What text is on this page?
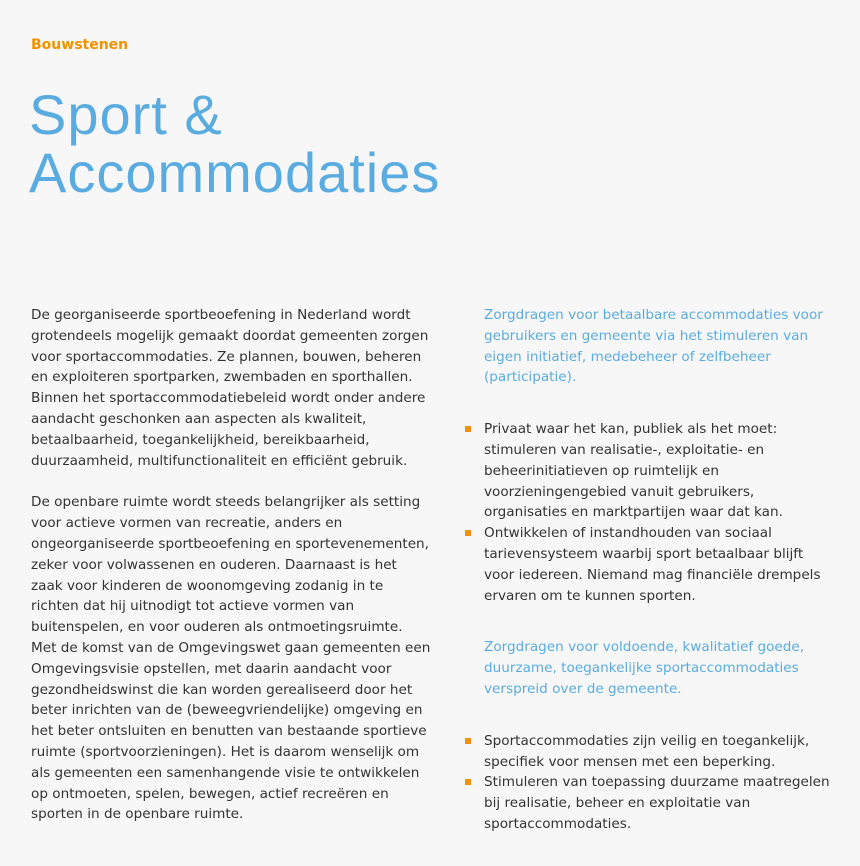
Bouwstenen
Sport &
Accommodaties

De georganiseerde sportbeoefening in Nederland wordt grotendeels mogelijk gemaakt doordat gemeenten zorgen voor sportaccommodaties. Ze plannen, bouwen, beheren en exploiteren sportparken, zwembaden en sporthallen. Binnen het sportaccommodatiebeleid wordt onder andere aandacht geschonken aan aspecten als kwaliteit, betaalbaarheid, toegankelijkheid, bereikbaarheid, duurzaamheid, multifunctionaliteit en efficiënt gebruik.

De openbare ruimte wordt steeds belangrijker als setting voor actieve vormen van recreatie, anders en ongeorganiseerde sportbeoefening en sportevenementen, zeker voor volwassenen en ouderen. Daarnaast is het zaak voor kinderen de woonomgeving zodanig in te richten dat hij uitnodigt tot actieve vormen van buitenspelen, en voor ouderen als ontmoetingsruimte. Met de komst van de Omgevingswet gaan gemeenten een Omgevingsvisie opstellen, met daarin aandacht voor gezondheidswinst die kan worden gerealiseerd door het beter inrichten van de (beweegvriendelijke) omgeving en het beter ontsluiten en benutten van bestaande sportieve ruimte (sportvoorzieningen). Het is daarom wenselijk om als gemeenten een samenhangende visie te ontwikkelen op ontmoeten, spelen, bewegen, actief recreëren en sporten in de openbare ruimte.

Zorgdragen voor betaalbare accommodaties voor gebruikers en gemeente via het stimuleren van eigen initiatief, medebeheer of zelfbeheer (participatie).

Privaat waar het kan, publiek als het moet: stimuleren van realisatie-, exploitatie- en beheerinitiatieven op ruimtelijk en voorzieningengebied vanuit gebruikers, organisaties en marktpartijen waar dat kan.
Ontwikkelen of instandhouden van sociaal tarievensysteem waarbij sport betaalbaar blijft voor iedereen. Niemand mag financiële drempels ervaren om te kunnen sporten.

Zorgdragen voor voldoende, kwalitatief goede, duurzame, toegankelijke sportaccommodaties verspreid over de gemeente.

Sportaccommodaties zijn veilig en toegankelijk, specifiek voor mensen met een beperking.
Stimuleren van toepassing duurzame maatregelen bij realisatie, beheer en exploitatie van sportaccommodaties.
